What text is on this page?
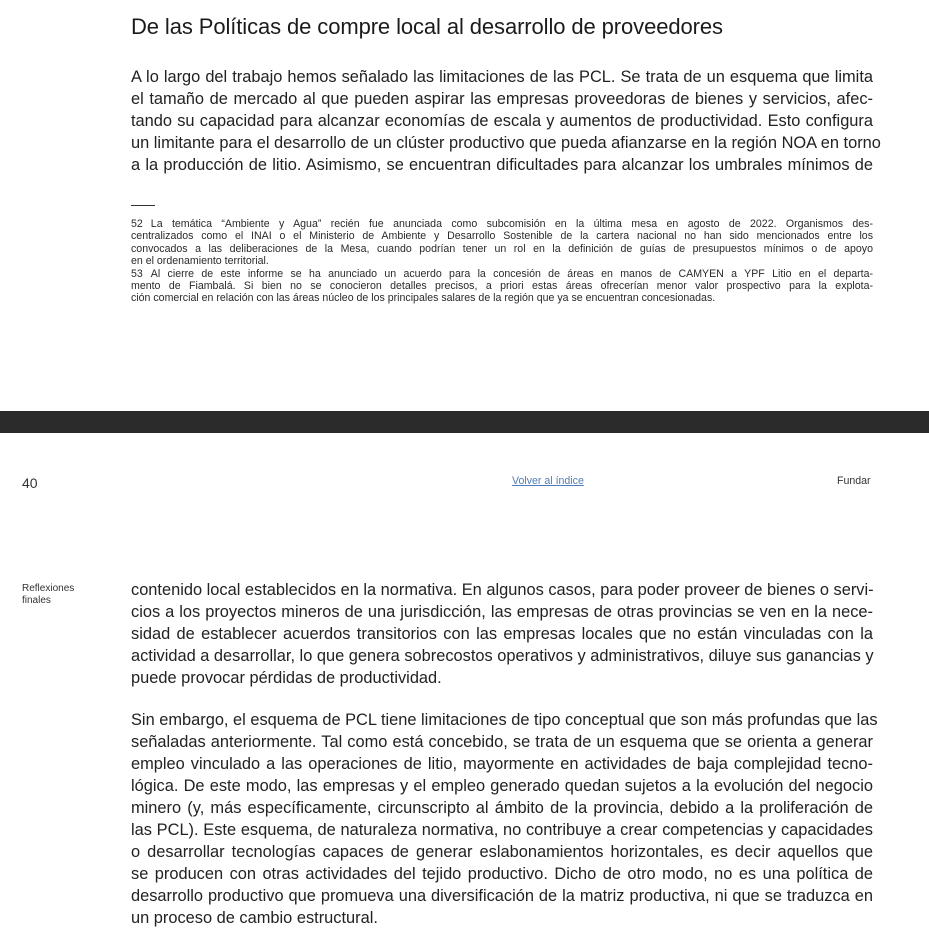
De las Políticas de compre local al desarrollo de proveedores

A lo largo del trabajo hemos señalado las limitaciones de las PCL. Se trata de un esquema que limita
el tamaño de mercado al que pueden aspirar las empresas proveedoras de bienes y servicios, afec-
tando su capacidad para alcanzar economías de escala y aumentos de productividad. Esto configura
un limitante para el desarrollo de un clúster productivo que pueda afianzarse en la región NOA en torno
a la producción de litio. Asimismo, se encuentran dificultades para alcanzar los umbrales mínimos de

52 La temática “Ambiente y Agua” recién fue anunciada como subcomisión en la última mesa en agosto de 2022. Organismos des-
centralizados como el INAI o el Ministerio de Ambiente y Desarrollo Sostenible de la cartera nacional no han sido mencionados entre los
convocados a las deliberaciones de la Mesa, cuando podrían tener un rol en la definición de guías de presupuestos mínimos o de apoyo
en el ordenamiento territorial.
53 Al cierre de este informe se ha anunciado un acuerdo para la concesión de áreas en manos de CAMYEN a YPF Litio en el departa-
mento de Fiambalá. Si bien no se conocieron detalles precisos, a priori estas áreas ofrecerían menor valor prospectivo para la explota-
ción comercial en relación con las áreas núcleo de los principales salares de la región que ya se encuentran concesionadas.
40	Volver al índice	Fundar
Reflexiones
finales

contenido local establecidos en la normativa. En algunos casos, para poder proveer de bienes o servi-
cios a los proyectos mineros de una jurisdicción, las empresas de otras provincias se ven en la nece-
sidad de establecer acuerdos transitorios con las empresas locales que no están vinculadas con la
actividad a desarrollar, lo que genera sobrecostos operativos y administrativos, diluye sus ganancias y
puede provocar pérdidas de productividad.

Sin embargo, el esquema de PCL tiene limitaciones de tipo conceptual que son más profundas que las
señaladas anteriormente. Tal como está concebido, se trata de un esquema que se orienta a generar
empleo vinculado a las operaciones de litio, mayormente en actividades de baja complejidad tecno-
lógica. De este modo, las empresas y el empleo generado quedan sujetos a la evolución del negocio
minero (y, más específicamente, circunscripto al ámbito de la provincia, debido a la proliferación de
las PCL). Este esquema, de naturaleza normativa, no contribuye a crear competencias y capacidades
o desarrollar tecnologías capaces de generar eslabonamientos horizontales, es decir aquellos que
se producen con otras actividades del tejido productivo. Dicho de otro modo, no es una política de
desarrollo productivo que promueva una diversificación de la matriz productiva, ni que se traduzca en
un proceso de cambio estructural.
